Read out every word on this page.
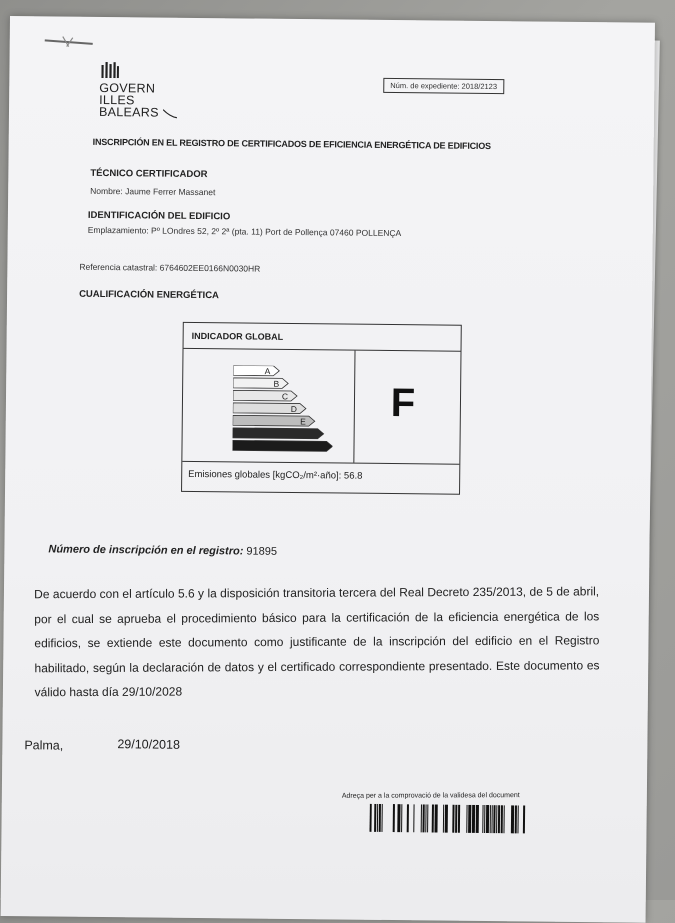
GOVERN
ILLES
BALEARS
Núm. de expediente: 2018/2123
INSCRIPCIÓN EN EL REGISTRO DE CERTIFICADOS DE EFICIENCIA ENERGÉTICA DE EDIFICIOS
TÉCNICO CERTIFICADOR
Nombre: Jaume Ferrer Massanet
IDENTIFICACIÓN DEL EDIFICIO
Emplazamiento: Pº LOndres 52, 2º 2ª (pta. 11) Port de Pollença 07460 POLLENÇA
Referencia catastral: 6764602EE0166N0030HR
CUALIFICACIÓN ENERGÉTICA
INDICADOR GLOBAL
A
B
C
D
E	F
Emisiones globales [kgCO₂/m²·año]: 56.8
Número de inscripción en el registro: 91895
De acuerdo con el artículo 5.6 y la disposición transitoria tercera del Real Decreto 235/2013, de 5 de abril, por el cual se aprueba el procedimiento básico para la certificación de la eficiencia energética de los edificios, se extiende este documento como justificante de la inscripción del edificio en el Registro habilitado, según la declaración de datos y el certificado correspondiente presentado. Este documento es válido hasta día 29/10/2028
Palma,	29/10/2018
Adreça per a la comprovació de la validesa del document
